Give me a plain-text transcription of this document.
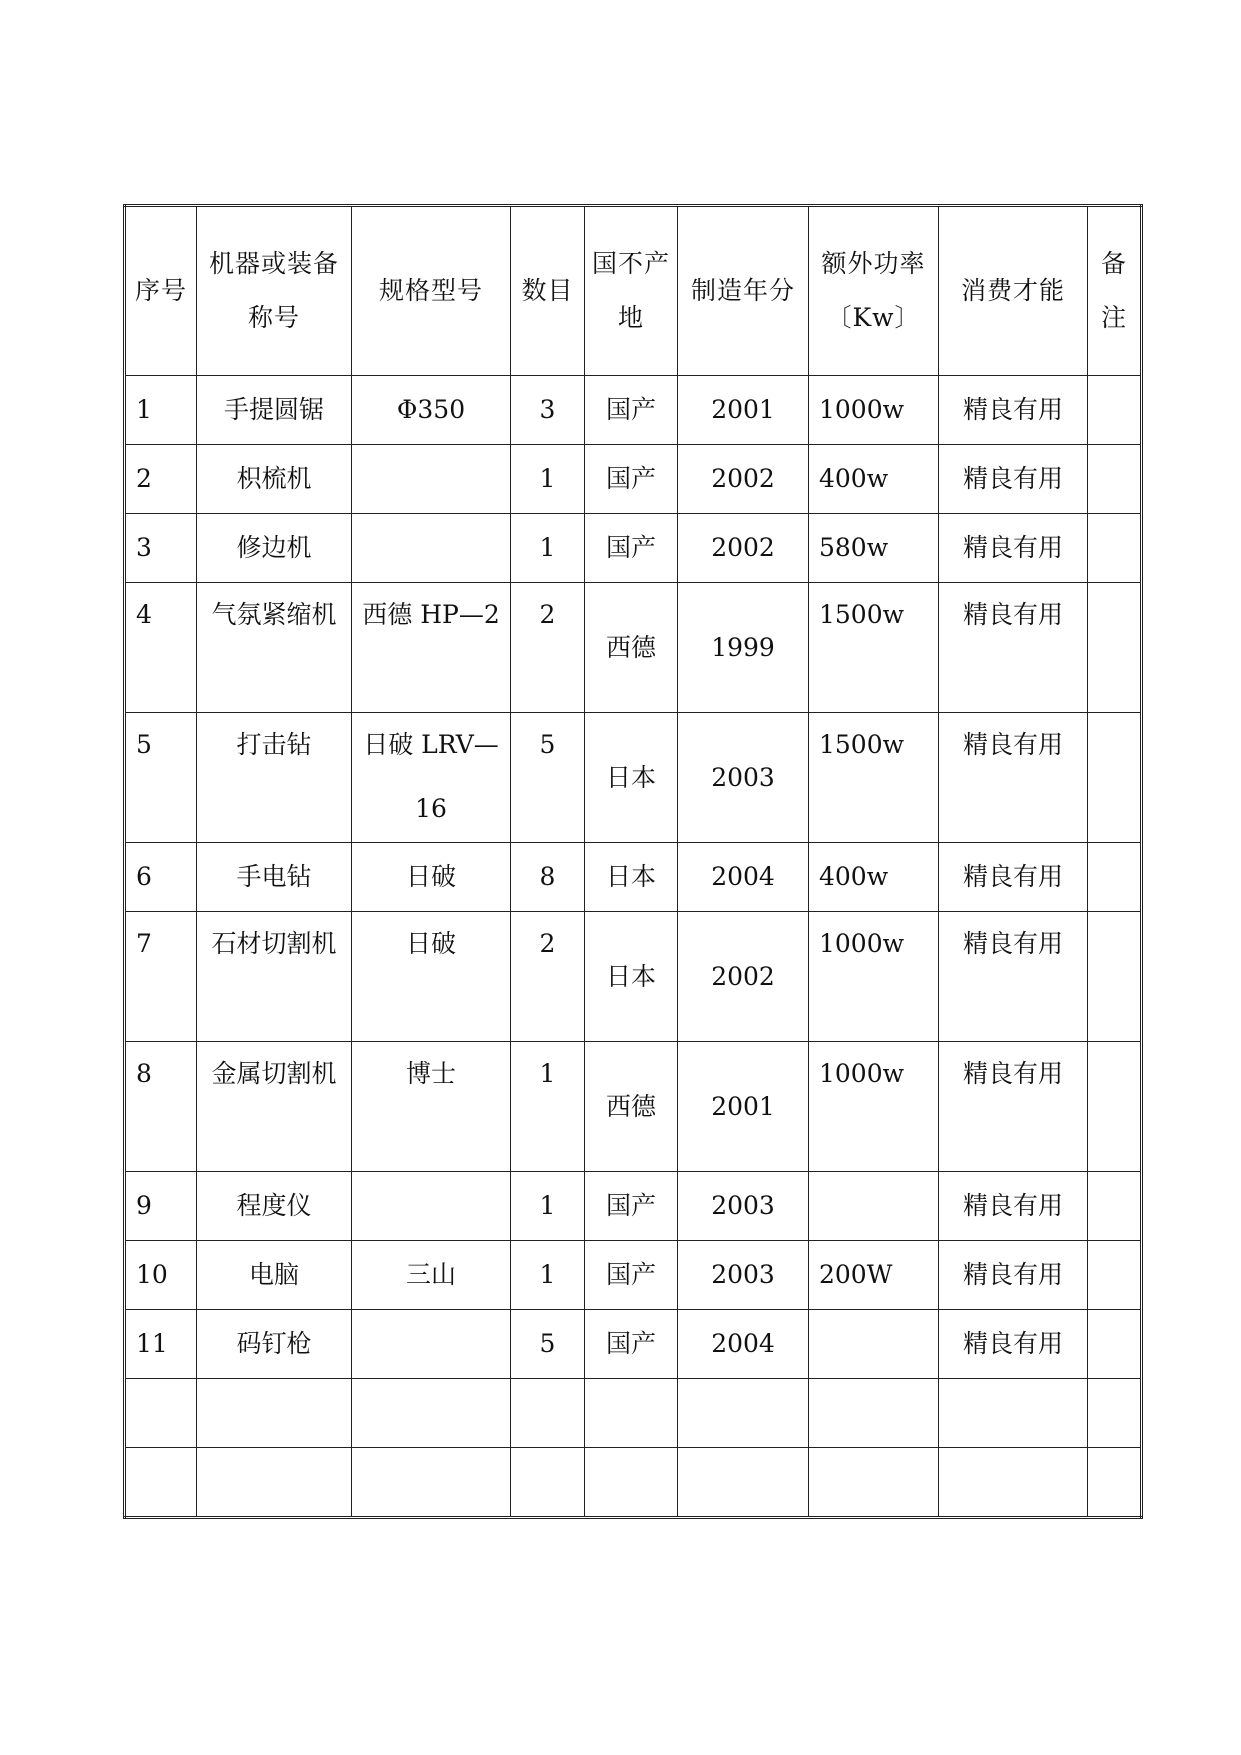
序号	机器或装备称号	规格型号	数目	国不产地	制造年分	额外功率〔Kw〕	消费才能	备注
1	手提圆锯	Φ350	3	国产	2001	1000w	精良有用	
2	枳梳机		1	国产	2002	400w	精良有用	
3	修边机		1	国产	2002	580w	精良有用	
4	气氛紧缩机	西德 HP—2	2	西德	1999	1500w	精良有用	
5	打击钻	日破 LRV—16	5	日本	2003	1500w	精良有用	
6	手电钻	日破	8	日本	2004	400w	精良有用	
7	石材切割机	日破	2	日本	2002	1000w	精良有用	
8	金属切割机	博士	1	西德	2001	1000w	精良有用	
9	程度仪		1	国产	2003		精良有用	
10	电脑	三山	1	国产	2003	200W	精良有用	
11	码钉枪		5	国产	2004		精良有用	
